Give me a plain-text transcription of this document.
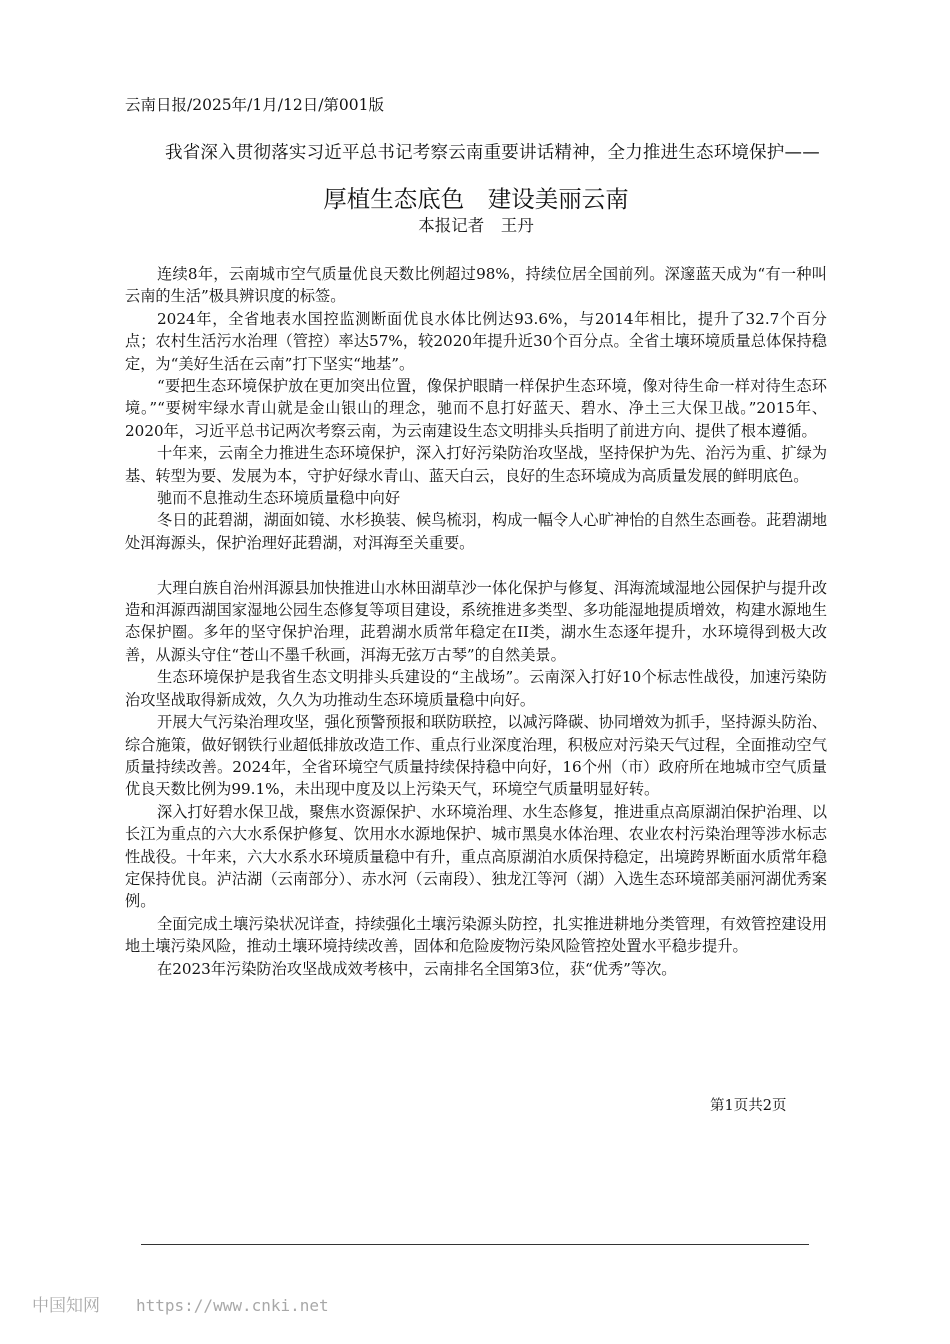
云南日报/2025年/1月/12日/第001版
我省深入贯彻落实习近平总书记考察云南重要讲话精神，全力推进生态环境保护——
厚植生态底色　建设美丽云南
本报记者　王丹

连续8年，云南城市空气质量优良天数比例超过98%，持续位居全国前列。深邃蓝天成为“有一种叫云南的生活”极具辨识度的标签。

2024年，全省地表水国控监测断面优良水体比例达93.6%，与2014年相比，提升了32.7个百分点；农村生活污水治理（管控）率达57%，较2020年提升近30个百分点。全省土壤环境质量总体保持稳定，为“美好生活在云南”打下坚实“地基”。

“要把生态环境保护放在更加突出位置，像保护眼睛一样保护生态环境，像对待生命一样对待生态环境。”“要树牢绿水青山就是金山银山的理念，驰而不息打好蓝天、碧水、净土三大保卫战。”2015年、2020年，习近平总书记两次考察云南，为云南建设生态文明排头兵指明了前进方向、提供了根本遵循。

十年来，云南全力推进生态环境保护，深入打好污染防治攻坚战，坚持保护为先、治污为重、扩绿为基、转型为要、发展为本，守护好绿水青山、蓝天白云，良好的生态环境成为高质量发展的鲜明底色。

驰而不息推动生态环境质量稳中向好

冬日的茈碧湖，湖面如镜、水杉换装、候鸟梳羽，构成一幅令人心旷神怡的自然生态画卷。茈碧湖地处洱海源头，保护治理好茈碧湖，对洱海至关重要。

大理白族自治州洱源县加快推进山水林田湖草沙一体化保护与修复、洱海流域湿地公园保护与提升改造和洱源西湖国家湿地公园生态修复等项目建设，系统推进多类型、多功能湿地提质增效，构建水源地生态保护圈。多年的坚守保护治理，茈碧湖水质常年稳定在II类，湖水生态逐年提升，水环境得到极大改善，从源头守住“苍山不墨千秋画，洱海无弦万古琴”的自然美景。

生态环境保护是我省生态文明排头兵建设的“主战场”。云南深入打好10个标志性战役，加速污染防治攻坚战取得新成效，久久为功推动生态环境质量稳中向好。

开展大气污染治理攻坚，强化预警预报和联防联控，以减污降碳、协同增效为抓手，坚持源头防治、综合施策，做好钢铁行业超低排放改造工作、重点行业深度治理，积极应对污染天气过程，全面推动空气质量持续改善。2024年，全省环境空气质量持续保持稳中向好，16个州（市）政府所在地城市空气质量优良天数比例为99.1%，未出现中度及以上污染天气，环境空气质量明显好转。

深入打好碧水保卫战，聚焦水资源保护、水环境治理、水生态修复，推进重点高原湖泊保护治理、以长江为重点的六大水系保护修复、饮用水水源地保护、城市黑臭水体治理、农业农村污染治理等涉水标志性战役。十年来，六大水系水环境质量稳中有升，重点高原湖泊水质保持稳定，出境跨界断面水质常年稳定保持优良。泸沽湖（云南部分）、赤水河（云南段）、独龙江等河（湖）入选生态环境部美丽河湖优秀案例。

全面完成土壤污染状况详查，持续强化土壤污染源头防控，扎实推进耕地分类管理，有效管控建设用地土壤污染风险，推动土壤环境持续改善，固体和危险废物污染风险管控处置水平稳步提升。

在2023年污染防治攻坚战成效考核中，云南排名全国第3位，获“优秀”等次。

第1页共2页
中国知网 https://www.cnki.net
